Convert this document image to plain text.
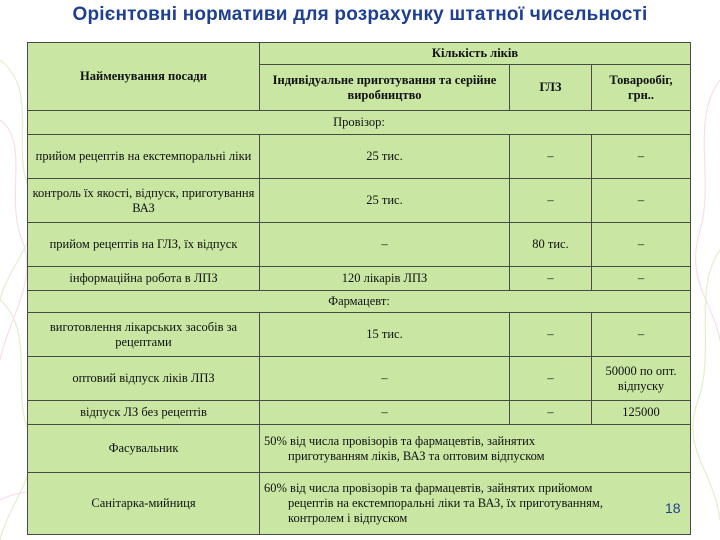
Орієнтовні нормативи для розрахунку штатної чисельності
Найменування посади	Кількість ліків		
	Індивідуальне приготування та серійне виробництво	ГЛЗ	Товарообіг, грн..
Провізор:			
прийом рецептів на екстемпоральні ліки	25 тис.	–	–
контроль їх якості, відпуск, приготування ВАЗ	25 тис.	–	–
прийом рецептів на ГЛЗ, їх відпуск	–	80 тис.	–
інформаційна робота в ЛПЗ	120 лікарів ЛПЗ	–	–
Фармацевт:			
виготовлення лікарських засобів за рецептами	15 тис.	–	–
оптовий відпуск ліків ЛПЗ	–	–	50000 по опт. відпуску
відпуск ЛЗ без рецептів	–	–	125000
Фасувальник	50% від числа провізорів та фармацевтів, зайнятих
приготуванням ліків, ВАЗ та оптовим відпуском		

Санітарка-мийниця	60% від числа провізорів та фармацевтів, зайнятих прийомом
рецептів на екстемпоральні ліки та ВАЗ, їх приготуванням,
контролем і відпуском		
18
